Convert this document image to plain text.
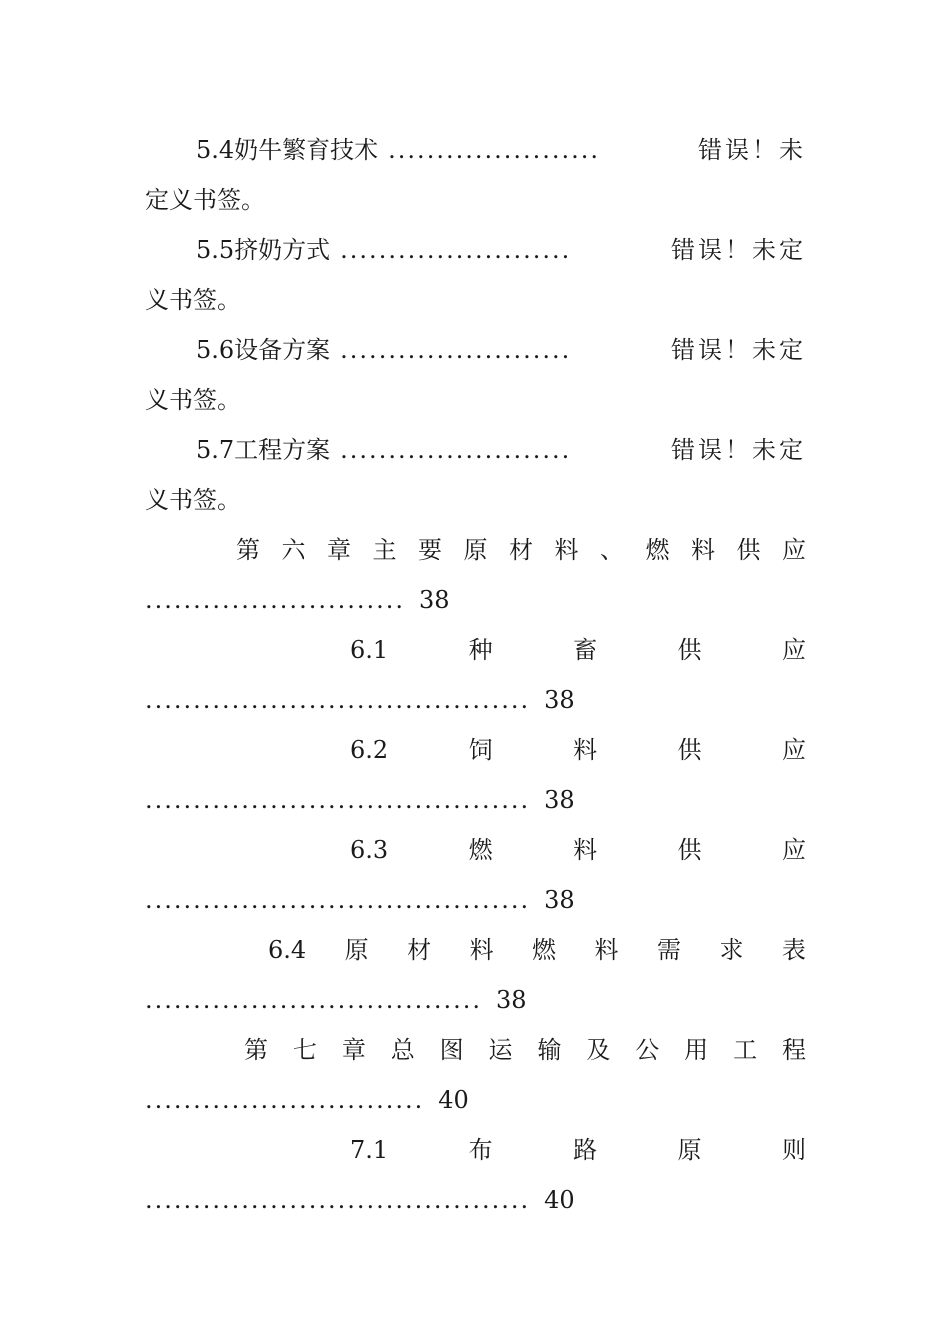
5.4奶牛繁育技术 ......................	错误！未
定义书签。
5.5挤奶方式 ........................	错误！未定
义书签。
5.6设备方案 ........................	错误！未定
义书签。
5.7工程方案 ........................	错误！未定
义书签。
第 六 章 主 要 原 材 料 、 燃 料 供 应
........................... 38
6.1	种	畜	供	应
........................................ 38
6.2	饲	料	供	应
........................................ 38
6.3	燃	料	供	应
........................................ 38
6.4 原 材 料 燃 料 需 求 表
................................... 38
第 七 章 总 图 运 输 及 公 用 工 程
............................. 40
7.1	布	路	原	则
........................................ 40
